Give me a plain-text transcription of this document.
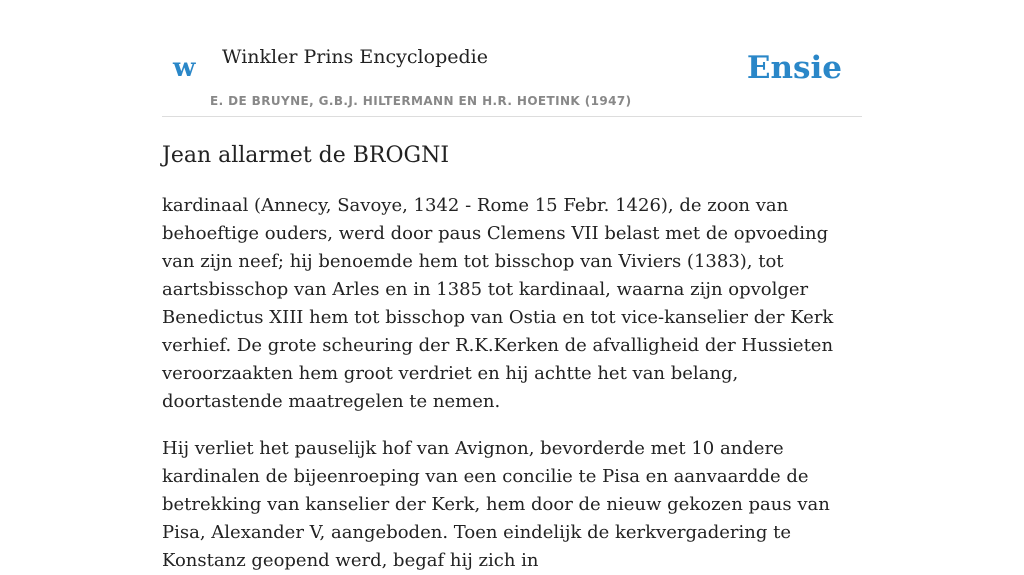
w Winkler Prins Encyclopedie
E. DE BRUYNE, G.B.J. HILTERMANN EN H.R. HOETINK (1947)
Ensie
Jean allarmet de BROGNI

kardinaal (Annecy, Savoye, 1342 - Rome 15 Febr. 1426), de zoon van behoeftige ouders, werd door paus Clemens VII belast met de opvoeding van zijn neef; hij benoemde hem tot bisschop van Viviers (1383), tot aartsbisschop van Arles en in 1385 tot kardinaal, waarna zijn opvolger Benedictus XIII hem tot bisschop van Ostia en tot vice-kanselier der Kerk verhief. De grote scheuring der R.K.Kerken de afvalligheid der Hussieten veroorzaakten hem groot verdriet en hij achtte het van belang, doortastende maatregelen te nemen.

Hij verliet het pauselijk hof van Avignon, bevorderde met 10 andere kardinalen de bijeenroeping van een concilie te Pisa en aanvaardde de betrekking van kanselier der Kerk, hem door de nieuw gekozen paus van Pisa, Alexander V, aangeboden. Toen eindelijk de kerkvergadering te Konstanz geopend werd, begaf hij zich in
